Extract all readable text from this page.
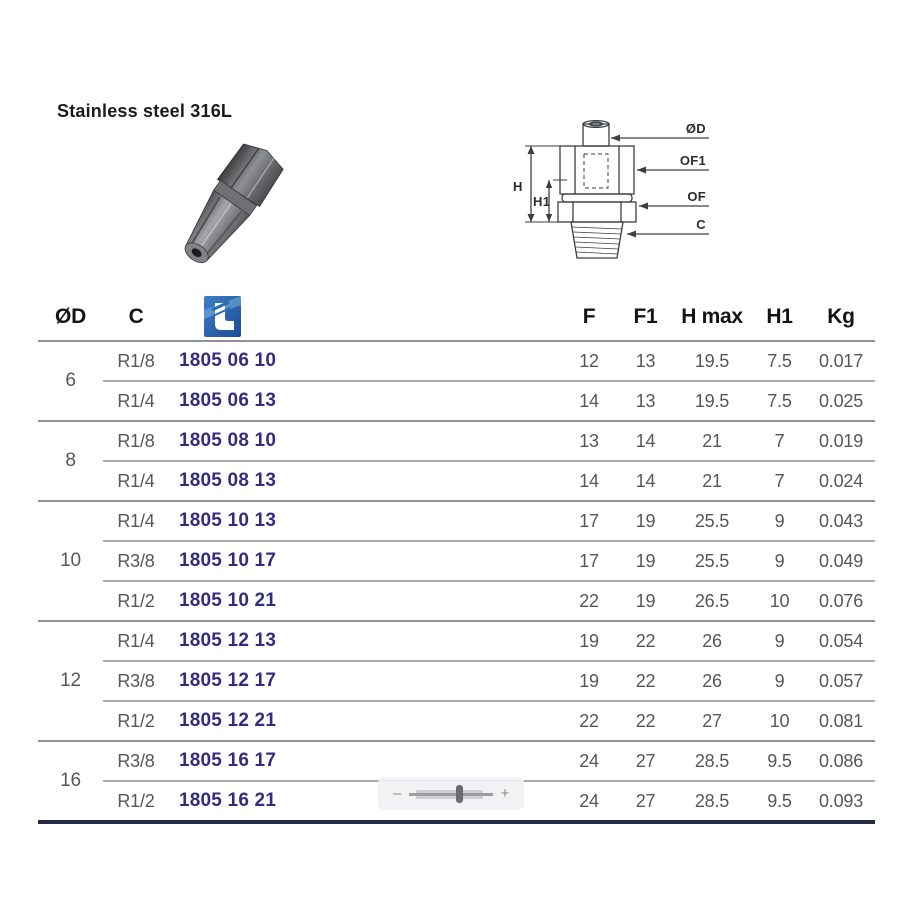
Stainless steel 316L
H
H1
ØD
OF1
OF
C
ØD	C		F	F1	H max	H1	Kg
6	R1/8	1805 06 10	12	13	19.5	7.5	0.017
	R1/4	1805 06 13	14	13	19.5	7.5	0.025
8	R1/8	1805 08 10	13	14	21	7	0.019
	R1/4	1805 08 13	14	14	21	7	0.024
10	R1/4	1805 10 13	17	19	25.5	9	0.043
	R3/8	1805 10 17	17	19	25.5	9	0.049
	R1/2	1805 10 21	22	19	26.5	10	0.076
12	R1/4	1805 12 13	19	22	26	9	0.054
	R3/8	1805 12 17	19	22	26	9	0.057
	R1/2	1805 12 21	22	22	27	10	0.081
16	R3/8	1805 16 17	24	27	28.5	9.5	0.086
	R1/2	1805 16 21	24	27	28.5	9.5	0.093
–	+
